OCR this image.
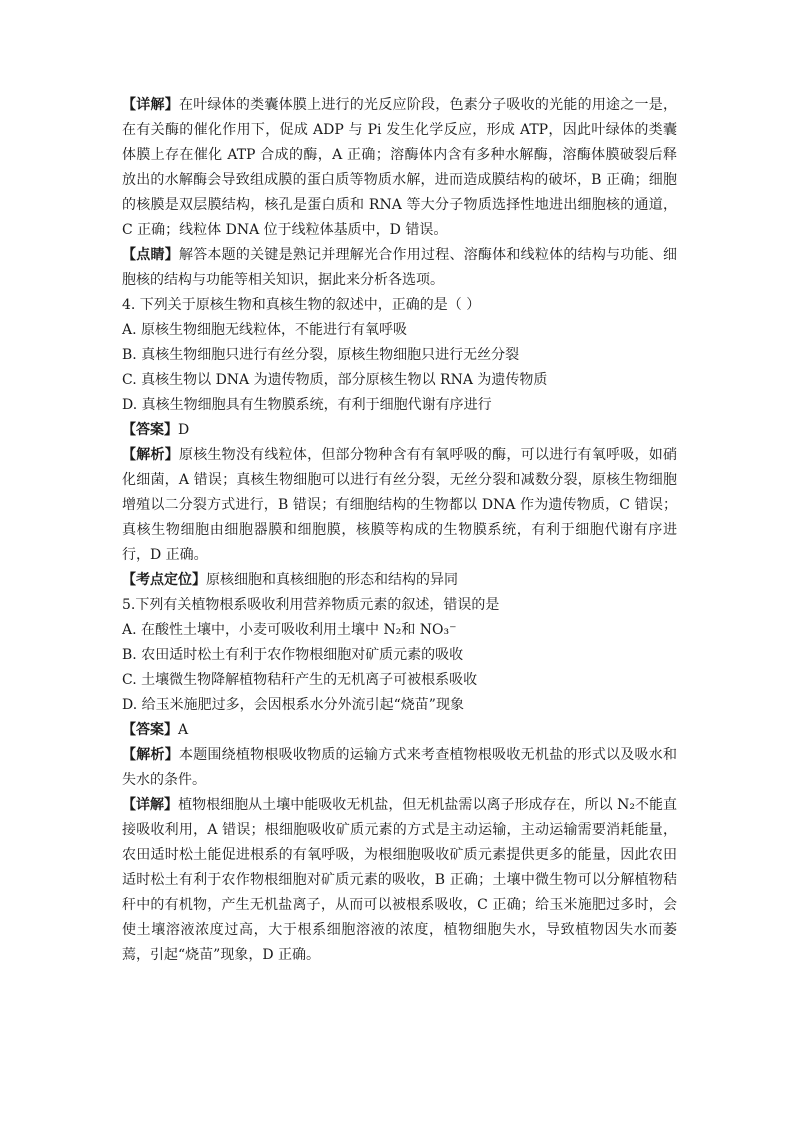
【详解】在叶绿体的类囊体膜上进行的光反应阶段，色素分子吸收的光能的用途之一是，在有关酶的催化作用下，促成 ADP 与 Pi 发生化学反应，形成 ATP，因此叶绿体的类囊体膜上存在催化 ATP 合成的酶，A 正确；溶酶体内含有多种水解酶，溶酶体膜破裂后释放出的水解酶会导致组成膜的蛋白质等物质水解，进而造成膜结构的破坏，B 正确；细胞的核膜是双层膜结构，核孔是蛋白质和 RNA 等大分子物质选择性地进出细胞核的通道，C 正确；线粒体 DNA 位于线粒体基质中，D 错误。

【点睛】解答本题的关键是熟记并理解光合作用过程、溶酶体和线粒体的结构与功能、细胞核的结构与功能等相关知识，据此来分析各选项。

4. 下列关于原核生物和真核生物的叙述中，正确的是（ ）

A. 原核生物细胞无线粒体，不能进行有氧呼吸

B. 真核生物细胞只进行有丝分裂，原核生物细胞只进行无丝分裂

C. 真核生物以 DNA 为遗传物质，部分原核生物以 RNA 为遗传物质

D. 真核生物细胞具有生物膜系统，有利于细胞代谢有序进行

【答案】D

【解析】原核生物没有线粒体，但部分物种含有有氧呼吸的酶，可以进行有氧呼吸，如硝化细菌，A 错误；真核生物细胞可以进行有丝分裂，无丝分裂和减数分裂，原核生物细胞增殖以二分裂方式进行，B 错误；有细胞结构的生物都以 DNA 作为遗传物质，C 错误；真核生物细胞由细胞器膜和细胞膜，核膜等构成的生物膜系统，有利于细胞代谢有序进行，D 正确。

【考点定位】原核细胞和真核细胞的形态和结构的异同

5.下列有关植物根系吸收利用营养物质元素的叙述，错误的是

A. 在酸性土壤中，小麦可吸收利用土壤中 N₂和 NO₃⁻

B. 农田适时松土有利于农作物根细胞对矿质元素的吸收

C. 土壤微生物降解植物秸秆产生的无机离子可被根系吸收

D. 给玉米施肥过多，会因根系水分外流引起“烧苗”现象

【答案】A

【解析】本题围绕植物根吸收物质的运输方式来考查植物根吸收无机盐的形式以及吸水和失水的条件。

【详解】植物根细胞从土壤中能吸收无机盐，但无机盐需以离子形成存在，所以 N₂不能直接吸收利用，A 错误；根细胞吸收矿质元素的方式是主动运输，主动运输需要消耗能量，农田适时松土能促进根系的有氧呼吸，为根细胞吸收矿质元素提供更多的能量，因此农田适时松土有利于农作物根细胞对矿质元素的吸收，B 正确；土壤中微生物可以分解植物秸秆中的有机物，产生无机盐离子，从而可以被根系吸收，C 正确；给玉米施肥过多时，会使土壤溶液浓度过高，大于根系细胞溶液的浓度，植物细胞失水，导致植物因失水而萎蔫，引起“烧苗”现象，D 正确。
